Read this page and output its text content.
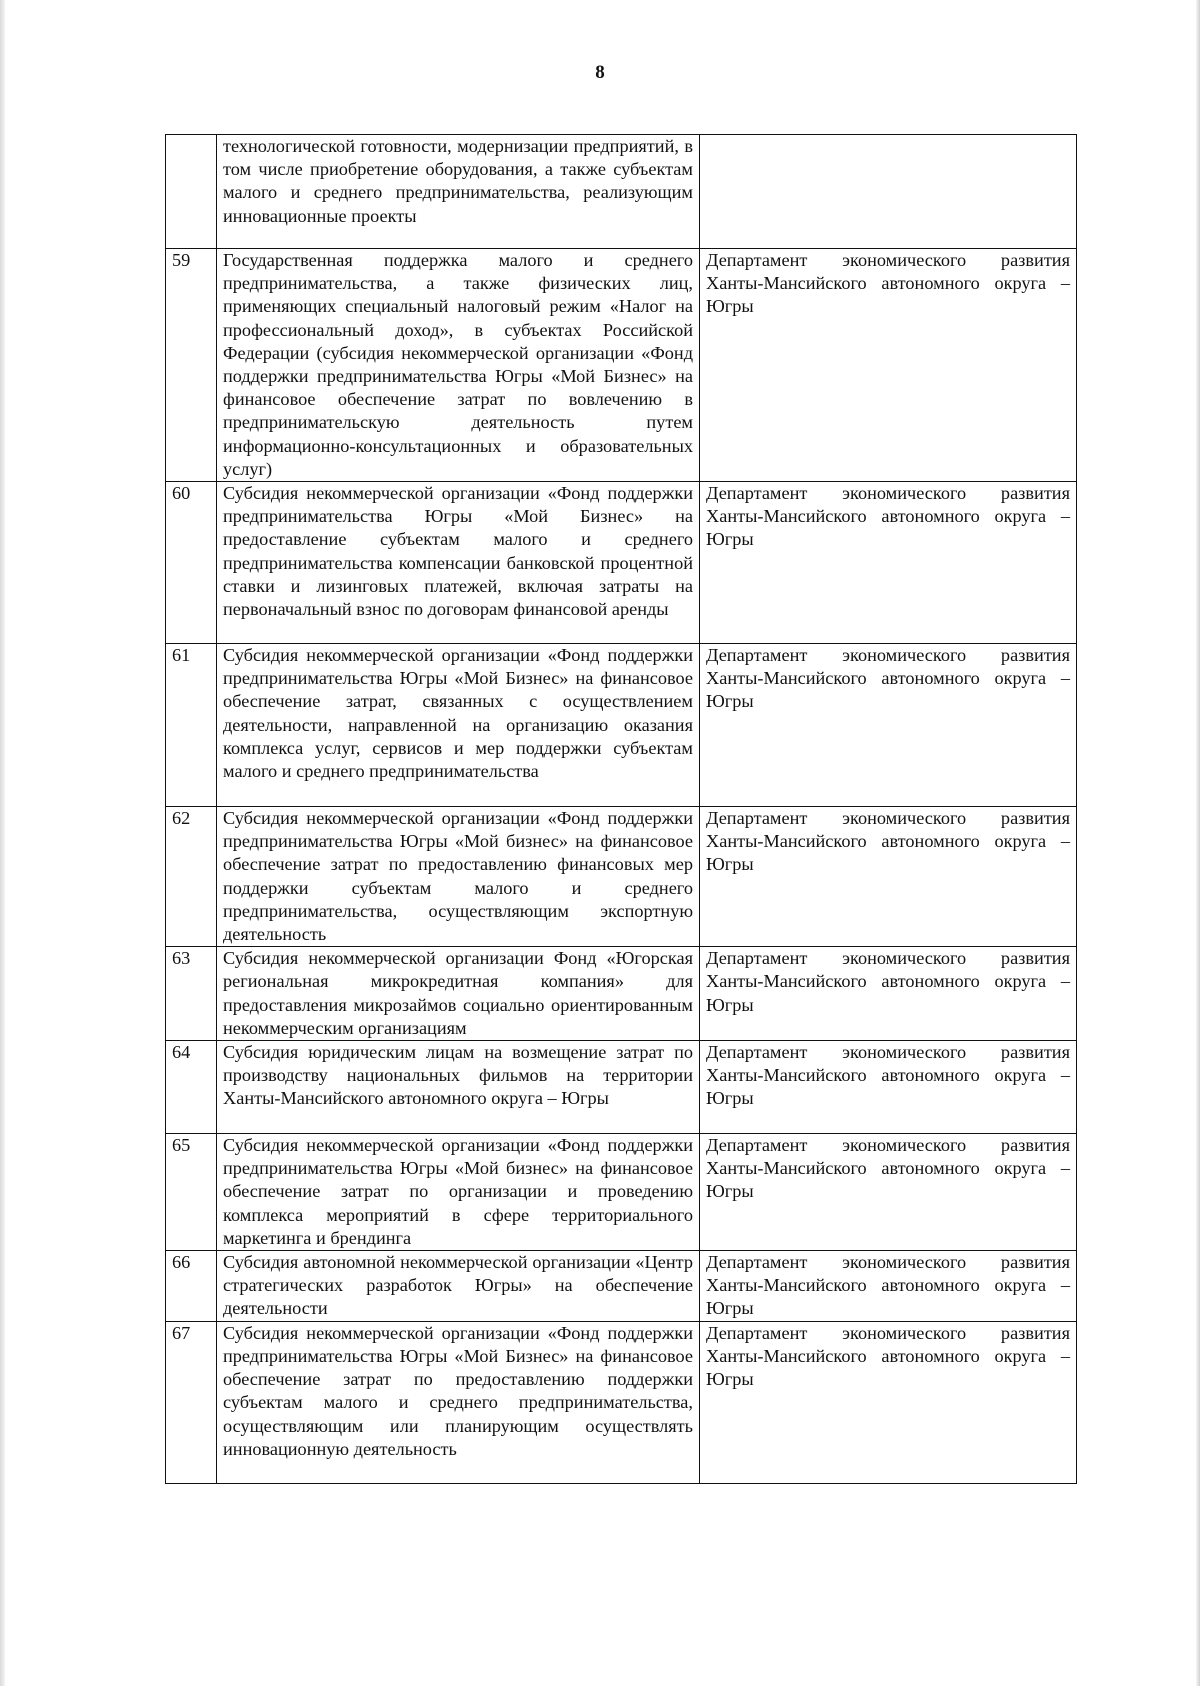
8
	технологической готовности, модернизации предприятий, в том числе приобретение оборудования, а также субъектам малого и среднего предпринимательства, реализующим инновационные проекты	
59	Государственная поддержка малого и среднего предпринимательства, а также физических лиц, применяющих специальный налоговый режим «Налог на профессиональный доход», в субъектах Российской Федерации (субсидия некоммерческой организации «Фонд поддержки предпринимательства Югры «Мой Бизнес» на финансовое обеспечение затрат по вовлечению в предпринимательскую деятельность путем информационно-консультационных и образовательных услуг)	Департамент экономического развития Ханты-Мансийского автономного округа – Югры
60	Субсидия некоммерческой организации «Фонд поддержки предпринимательства Югры «Мой Бизнес» на предоставление субъектам малого и среднего предпринимательства компенсации банковской процентной ставки и лизинговых платежей, включая затраты на первоначальный взнос по договорам финансовой аренды	Департамент экономического развития Ханты-Мансийского автономного округа – Югры
61	Субсидия некоммерческой организации «Фонд поддержки предпринимательства Югры «Мой Бизнес» на финансовое обеспечение затрат, связанных с осуществлением деятельности, направленной на организацию оказания комплекса услуг, сервисов и мер поддержки субъектам малого и среднего предпринимательства	Департамент экономического развития Ханты-Мансийского автономного округа – Югры
62	Субсидия некоммерческой организации «Фонд поддержки предпринимательства Югры «Мой бизнес» на финансовое обеспечение затрат по предоставлению финансовых мер поддержки субъектам малого и среднего предпринимательства, осуществляющим экспортную деятельность	Департамент экономического развития Ханты-Мансийского автономного округа – Югры
63	Субсидия некоммерческой организации Фонд «Югорская региональная микрокредитная компания» для предоставления микрозаймов социально ориентированным некоммерческим организациям	Департамент экономического развития Ханты-Мансийского автономного округа – Югры
64	Субсидия юридическим лицам на возмещение затрат по производству национальных фильмов на территории Ханты-Мансийского автономного округа – Югры	Департамент экономического развития Ханты-Мансийского автономного округа – Югры
65	Субсидия некоммерческой организации «Фонд поддержки предпринимательства Югры «Мой бизнес» на финансовое обеспечение затрат по организации и проведению комплекса мероприятий в сфере территориального маркетинга и брендинга	Департамент экономического развития Ханты-Мансийского автономного округа – Югры
66	Субсидия автономной некоммерческой организации «Центр стратегических разработок Югры» на обеспечение деятельности	Департамент экономического развития Ханты-Мансийского автономного округа – Югры
67	Субсидия некоммерческой организации «Фонд поддержки предпринимательства Югры «Мой Бизнес» на финансовое обеспечение затрат по предоставлению поддержки субъектам малого и среднего предпринимательства, осуществляющим или планирующим осуществлять инновационную деятельность	Департамент экономического развития Ханты-Мансийского автономного округа – Югры
